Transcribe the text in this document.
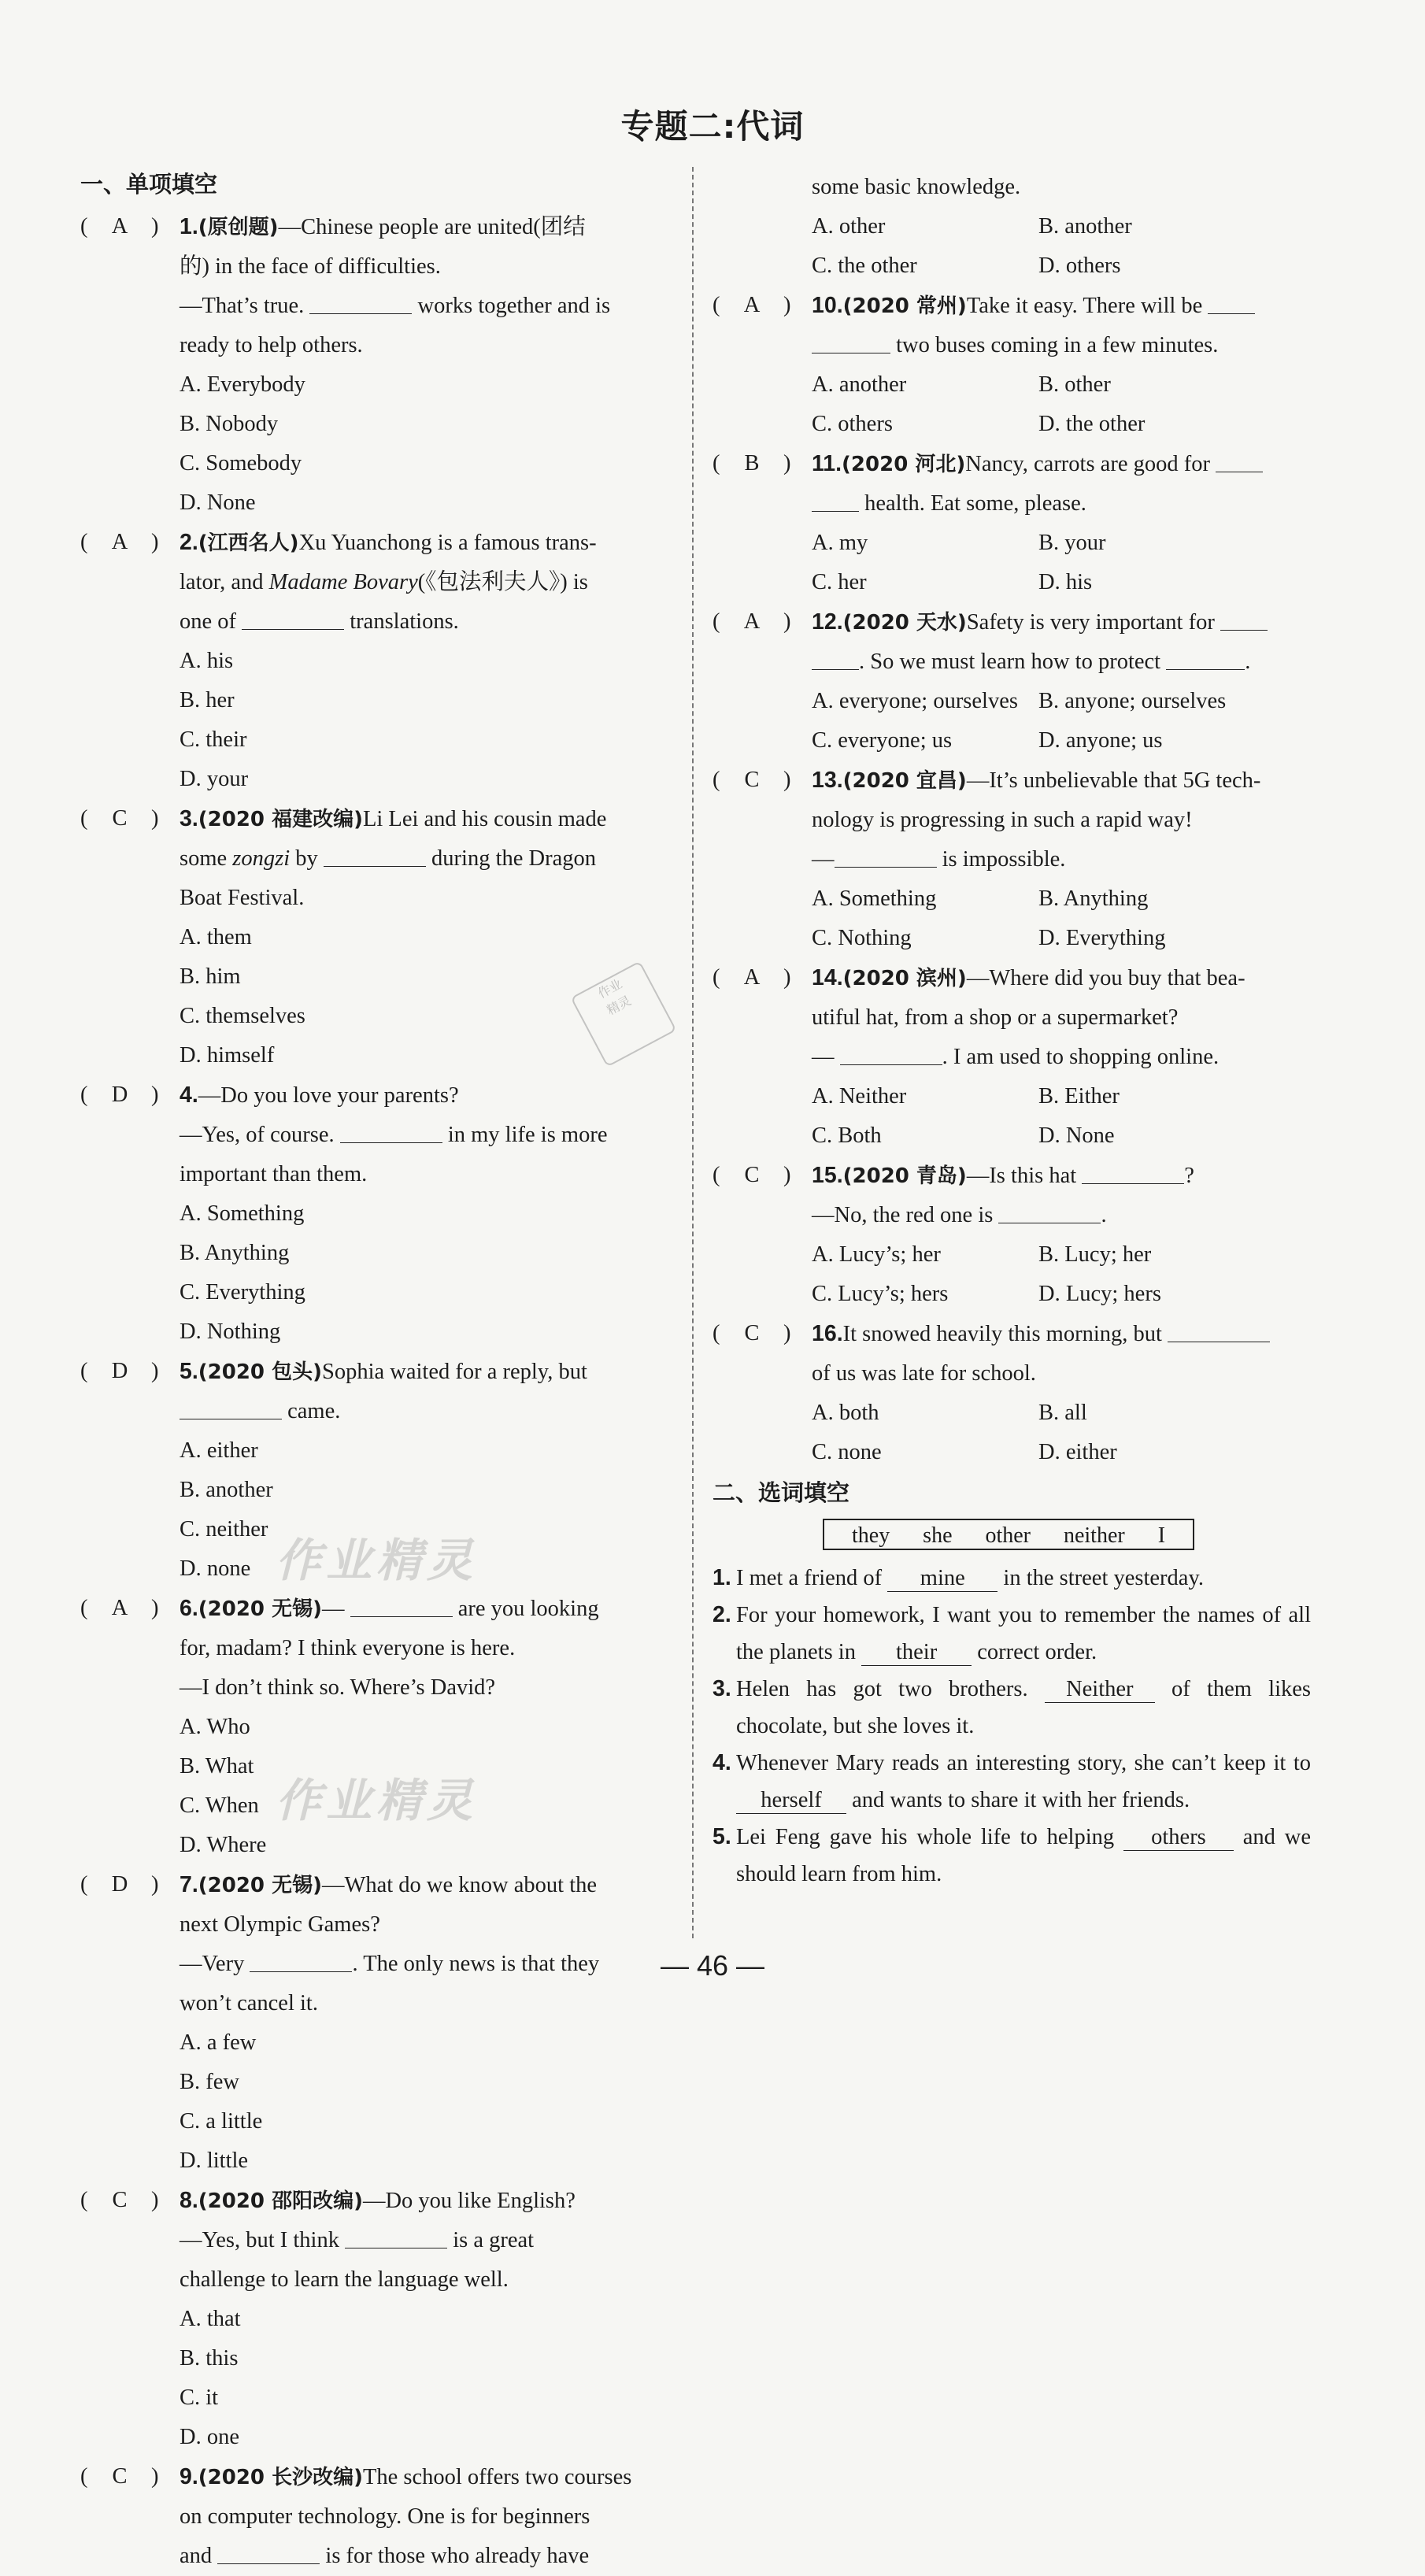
专题二:代词
一、单项填空
(	A	) 1.(原创题)—Chinese people are united(团结
的) in the face of difficulties.
—That’s true.	works together and is
ready to help others.
A. Everybody
B. Nobody
C. Somebody
D. None
(	A	) 2.(江西名人)Xu Yuanchong is a famous trans-
lator, and Madame Bovary(《包法利夫人》) is
one of	translations.
A. his
B. her
C. their
D. your
(	C	) 3.(2020 福建改编)Li Lei and his cousin made
some zongzi by	during the Dragon
Boat Festival.
A. them
B. him
C. themselves
D. himself
(	D	) 4.—Do you love your parents?
—Yes, of course.	in my life is more
important than them.
A. Something
B. Anything
C. Everything
D. Nothing
(	D	) 5.(2020 包头)Sophia waited for a reply, but
came.
A. either
B. another
C. neither
D. none
(	A	) 6.(2020 无锡)—	are you looking
for, madam? I think everyone is here.
—I don’t think so. Where’s David?
A. Who
B. What
C. When
D. Where
(	D	) 7.(2020 无锡)—What do we know about the
next Olympic Games?
—Very	. The only news is that they
won’t cancel it.
A. a few
B. few
C. a little
D. little
(	C	) 8.(2020 邵阳改编)—Do you like English?
—Yes, but I think	is a great
challenge to learn the language well.
A. that
B. this
C. it
D. one
(	C	) 9.(2020 长沙改编)The school offers two courses
on computer technology. One is for beginners
and	is for those who already have
some basic knowledge.
A. other	B. another
C. the other	D. others
(	A	) 10.(2020 常州)Take it easy. There will be
two buses coming in a few minutes.
A. another	B. other
C. others	D. the other
(	B	) 11.(2020 河北)Nancy, carrots are good for
health. Eat some, please.
A. my	B. your
C. her	D. his
(	A	) 12.(2020 天水)Safety is very important for
. So we must learn how to protect	.
A. everyone; ourselves B. anyone; ourselves
C. everyone; us	D. anyone; us
(	C	) 13.(2020 宜昌)—It’s unbelievable that 5G tech-
nology is progressing in such a rapid way!
—	is impossible.
A. Something	B. Anything
C. Nothing	D. Everything
(	A	) 14.(2020 滨州)—Where did you buy that bea-
utiful hat, from a shop or a supermarket?
—	. I am used to shopping online.
A. Neither	B. Either
C. Both	D. None
(	C	) 15.(2020 青岛)—Is this hat	?
—No, the red one is	.
A. Lucy’s; her	B. Lucy; her
C. Lucy’s; hers	D. Lucy; hers
(	C	) 16.It snowed heavily this morning, but
of us was late for school.
A. both	B. all
C. none	D. either
二、选词填空
they she other neither I
1. I met a friend of mine in the street yesterday.
2. For your homework, I want you to remember the names of all the planets in their correct order.
3. Helen has got two brothers. Neither of them likes chocolate, but she loves it.
4. Whenever Mary reads an interesting story, she can’t keep it to herself and wants to share it with her friends.
5. Lei Feng gave his whole life to helping others and we should learn from him.
作业
精灵
作业精灵
作业精灵
— 46 —
